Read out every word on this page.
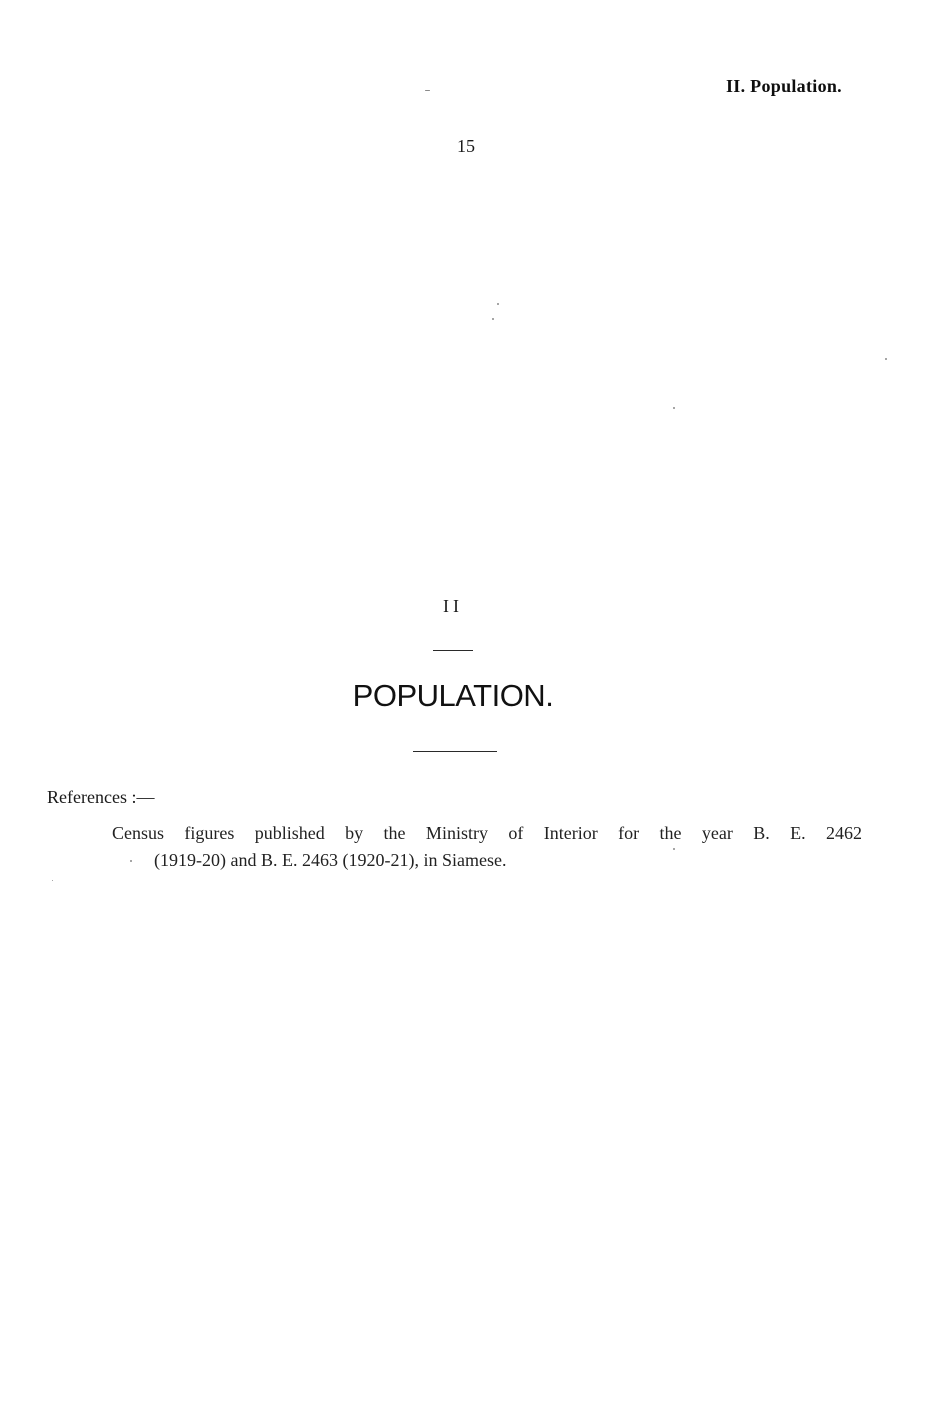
II. Population.
15
II
POPULATION.
References :—
Census figures published by the Ministry of Interior for the year B. E. 2462
(1919-20) and B. E. 2463 (1920-21), in Siamese.
